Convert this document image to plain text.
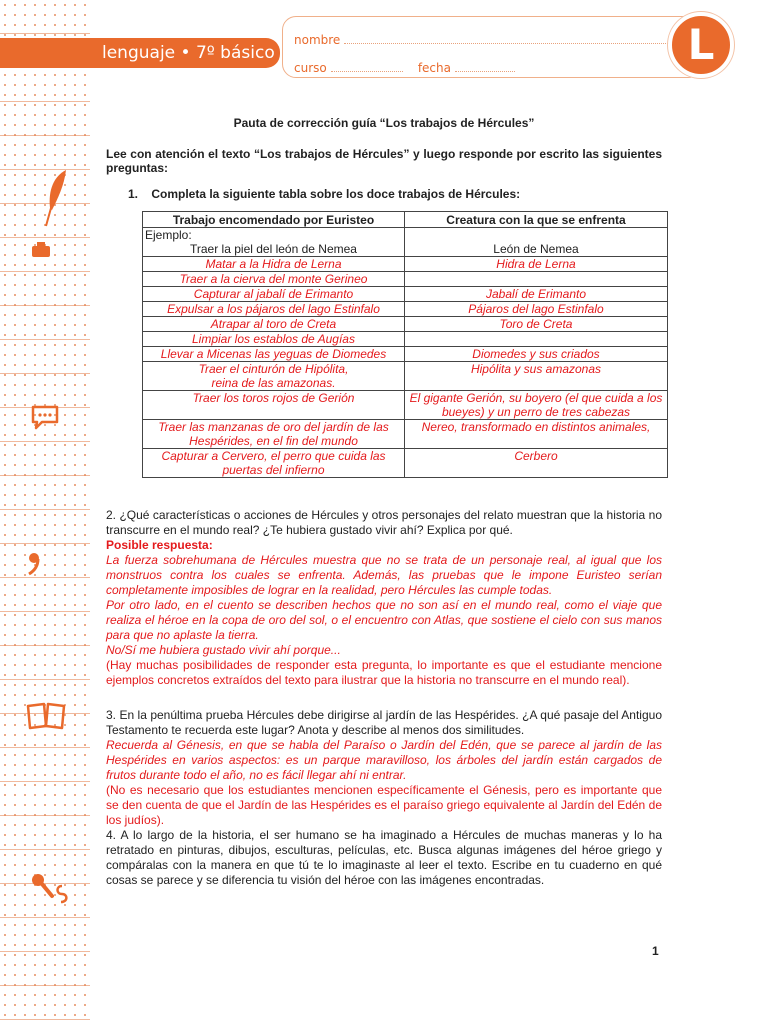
lenguaje • 7º básico
nombre
curso	fecha	L
Pauta de corrección guía “Los trabajos de Hércules”
Lee con atención el texto “Los trabajos de Hércules” y luego responde por escrito las siguientes preguntas:
1.    Completa la siguiente tabla sobre los doce trabajos de Hércules:
Trabajo encomendado por Euristeo	Creatura con la que se enfrenta

Ejemplo:
Traer la piel del león de Nemea	León de Nemea

Matar a la Hidra de Lerna	Hidra de Lerna
Traer a la cierva del monte Gerineo	
Capturar al jabalí de Erimanto	Jabalí de Erimanto
Expulsar a los pájaros del lago Estinfalo	Pájaros del lago Estinfalo
Atrapar al toro de Creta	Toro de Creta
Limpiar los establos de Augías	
Llevar a Micenas las yeguas de Diomedes	Diomedes y sus criados
Traer el cinturón de Hipólita,
reina de las amazonas.	Hipólita y sus amazonas
Traer los toros rojos de Gerión	El gigante Gerión, su boyero (el que cuida a los bueyes) y un perro de tres cabezas
Traer las manzanas de oro del jardín de las Hespérides, en el fin del mundo	Nereo, transformado en distintos animales,
Capturar a Cervero, el perro que cuida las puertas del infierno	Cerbero
2. ¿Qué características o acciones de Hércules y otros personajes del relato muestran que la historia no transcurre en el mundo real? ¿Te hubiera gustado vivir ahí? Explica por qué.
Posible respuesta:
La fuerza sobrehumana de Hércules muestra que no se trata de un personaje real, al igual que los monstruos contra los cuales se enfrenta. Además, las pruebas que le impone Euristeo serían completamente imposibles de lograr en la realidad, pero Hércules las cumple todas.
Por otro lado, en el cuento se describen hechos que no son así en el mundo real, como el viaje que realiza el héroe en la copa de oro del sol, o el encuentro con Atlas, que sostiene el cielo con sus manos para que no aplaste la tierra.
No/Sí me hubiera gustado vivir ahí porque...
(Hay muchas posibilidades de responder esta pregunta, lo importante es que el estudiante mencione ejemplos concretos extraídos del texto para ilustrar que la historia no transcurre en el mundo real).
3. En la penúltima prueba Hércules debe dirigirse al jardín de las Hespérides. ¿A qué pasaje del Antiguo Testamento te recuerda este lugar? Anota y describe al menos dos similitudes.
Recuerda al Génesis, en que se habla del Paraíso o Jardín del Edén, que se parece al jardín de las Hespérides en varios aspectos: es un parque maravilloso, los árboles del jardín están cargados de frutos durante todo el año, no es fácil llegar ahí ni entrar.
(No es necesario que los estudiantes mencionen específicamente el Génesis, pero es importante que se den cuenta de que el Jardín de las Hespérides es el paraíso griego equivalente al Jardín del Edén de los judíos).
4. A lo largo de la historia, el ser humano se ha imaginado a Hércules de muchas maneras y lo ha retratado en pinturas, dibujos, esculturas, películas, etc. Busca algunas imágenes del héroe griego y compáralas con la manera en que tú te lo imaginaste al leer el texto. Escribe en tu cuaderno en qué cosas se parece y se diferencia tu visión del héroe con las imágenes encontradas.
1
